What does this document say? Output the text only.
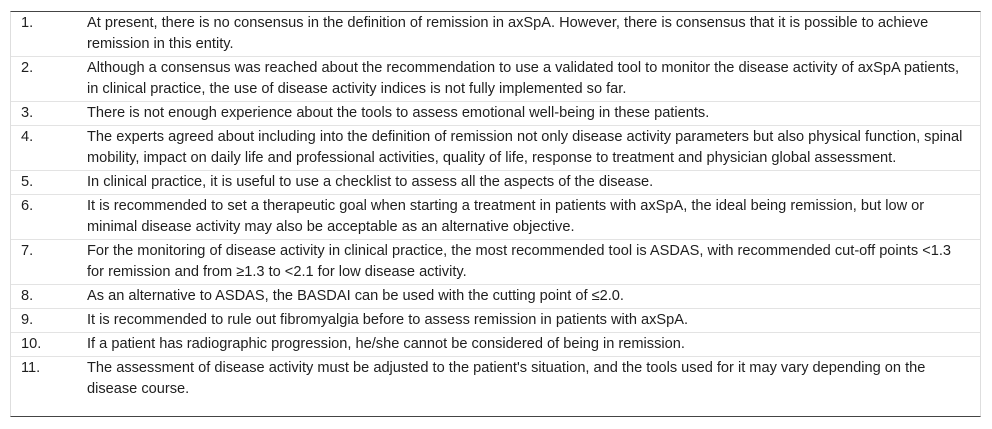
1.	At present, there is no consensus in the definition of remission in axSpA. However, there is consensus that it is possible to achieve remission in this entity.
2.	Although a consensus was reached about the recommendation to use a validated tool to monitor the disease activity of axSpA patients, in clinical practice, the use of disease activity indices is not fully implemented so far.
3.	There is not enough experience about the tools to assess emotional well-being in these patients.
4.	The experts agreed about including into the definition of remission not only disease activity parameters but also physical function, spinal mobility, impact on daily life and professional activities, quality of life, response to treatment and physician global assessment.
5.	In clinical practice, it is useful to use a checklist to assess all the aspects of the disease.
6.	It is recommended to set a therapeutic goal when starting a treatment in patients with axSpA, the ideal being remission, but low or minimal disease activity may also be acceptable as an alternative objective.
7.	For the monitoring of disease activity in clinical practice, the most recommended tool is ASDAS, with recommended cut-off points <1.3 for remission and from ≥1.3 to <2.1 for low disease activity.
8.	As an alternative to ASDAS, the BASDAI can be used with the cutting point of ≤2.0.
9.	It is recommended to rule out fibromyalgia before to assess remission in patients with axSpA.
10.	If a patient has radiographic progression, he/she cannot be considered of being in remission.
11.	The assessment of disease activity must be adjusted to the patient's situation, and the tools used for it may vary depending on the disease course.
